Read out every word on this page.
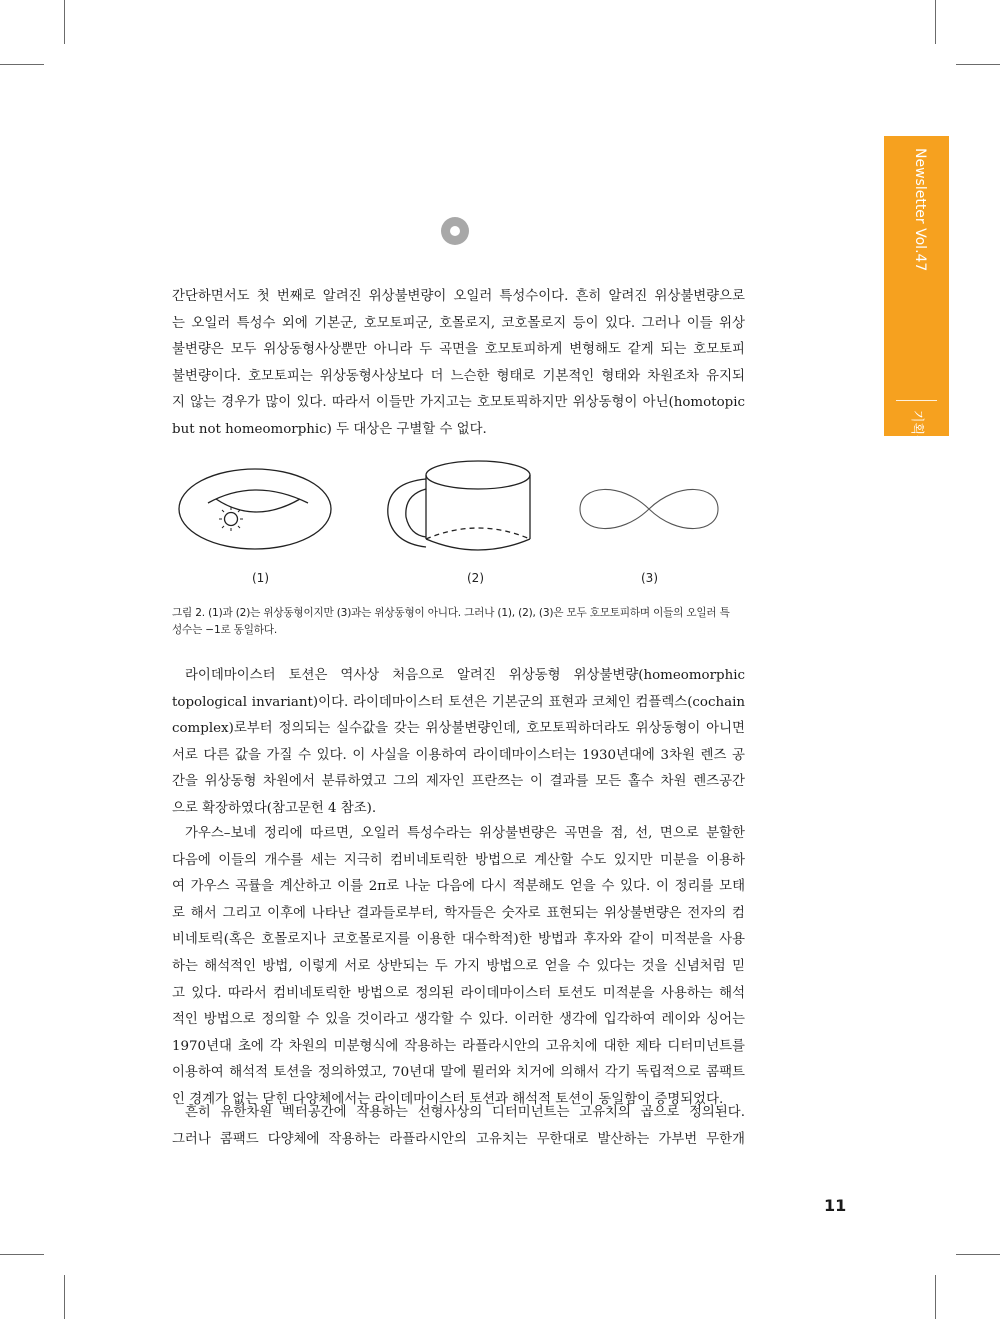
Newsletter Vol.47
기획특집 II
간단하면서도 첫 번째로 알려진 위상불변량이 오일러 특성수이다. 흔히 알려진 위상불변량으로
는 오일러 특성수 외에 기본군, 호모토피군, 호몰로지, 코호몰로지 등이 있다. 그러나 이들 위상
불변량은 모두 위상동형사상뿐만 아니라 두 곡면을 호모토피하게 변형해도 같게 되는 호모토피
불변량이다. 호모토피는 위상동형사상보다 더 느슨한 형태로 기본적인 형태와 차원조차 유지되
지 않는 경우가 많이 있다. 따라서 이들만 가지고는 호모토픽하지만 위상동형이 아닌(homotopic
but not homeomorphic) 두 대상은 구별할 수 없다.
(1)	(2)	(3)
그림 2. (1)과 (2)는 위상동형이지만 (3)과는 위상동형이 아니다. 그러나 (1), (2), (3)은 모두 호모토피하며 이들의 오일러 특
성수는 −1로 동일하다.
라이데마이스터 토션은 역사상 처음으로 알려진 위상동형 위상불변량(homeomorphic
topological invariant)이다. 라이데마이스터 토션은 기본군의 표현과 코체인 컴플렉스(cochain
complex)로부터 정의되는 실수값을 갖는 위상불변량인데, 호모토픽하더라도 위상동형이 아니면
서로 다른 값을 가질 수 있다. 이 사실을 이용하여 라이데마이스터는 1930년대에 3차원 렌즈 공
간을 위상동형 차원에서 분류하였고 그의 제자인 프란쯔는 이 결과를 모든 홀수 차원 렌즈공간
으로 확장하였다(참고문헌 4 참조).
가우스–보네 정리에 따르면, 오일러 특성수라는 위상불변량은 곡면을 점, 선, 면으로 분할한
다음에 이들의 개수를 세는 지극히 컴비네토릭한 방법으로 계산할 수도 있지만 미분을 이용하
여 가우스 곡률을 계산하고 이를 2π로 나눈 다음에 다시 적분해도 얻을 수 있다. 이 정리를 모태
로 해서 그리고 이후에 나타난 결과들로부터, 학자들은 숫자로 표현되는 위상불변량은 전자의 컴
비네토릭(혹은 호몰로지나 코호몰로지를 이용한 대수학적)한 방법과 후자와 같이 미적분을 사용
하는 해석적인 방법, 이렇게 서로 상반되는 두 가지 방법으로 얻을 수 있다는 것을 신념처럼 믿
고 있다. 따라서 컴비네토릭한 방법으로 정의된 라이데마이스터 토션도 미적분을 사용하는 해석
적인 방법으로 정의할 수 있을 것이라고 생각할 수 있다. 이러한 생각에 입각하여 레이와 싱어는
1970년대 초에 각 차원의 미분형식에 작용하는 라플라시안의 고유치에 대한 제타 디터미넌트를
이용하여 해석적 토션을 정의하였고, 70년대 말에 뮐러와 치거에 의해서 각기 독립적으로 콤팩트
인 경계가 없는 닫힌 다양체에서는 라이데마이스터 토션과 해석적 토션이 동일함이 증명되었다.
흔히 유한차원 벡터공간에 작용하는 선형사상의 디터미넌트는 고유치의 곱으로 정의된다.
그러나 콤팩드 다양체에 작용하는 라플라시안의 고유치는 무한대로 발산하는 가부번 무한개
11
